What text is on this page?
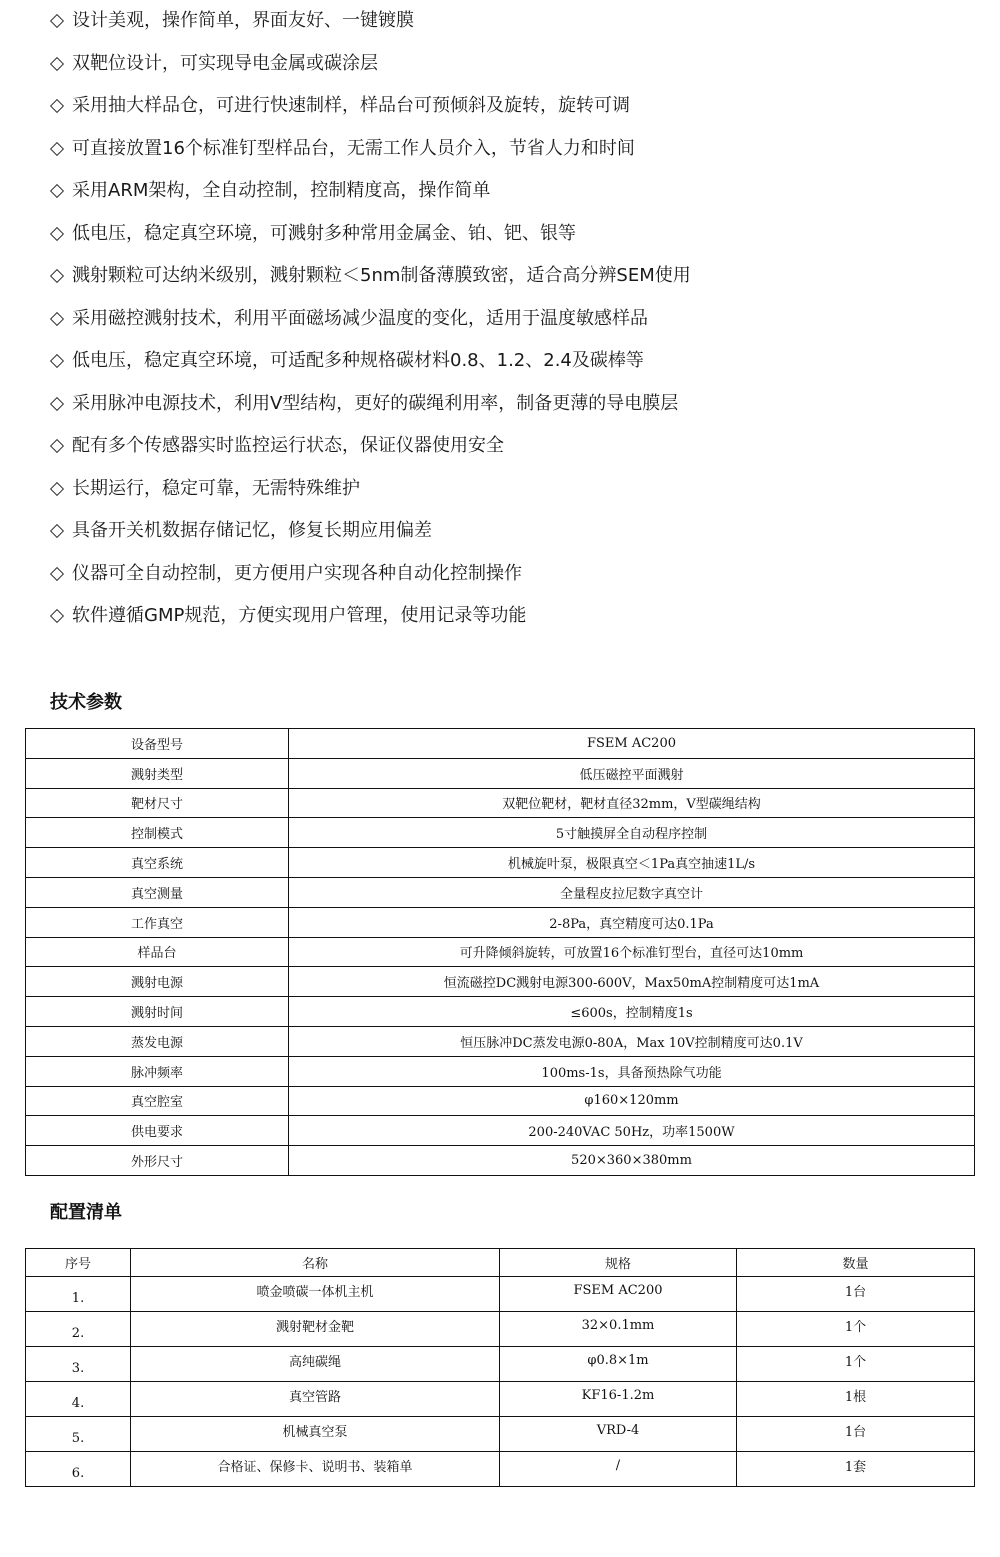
设计美观，操作简单，界面友好、一键镀膜
双靶位设计，可实现导电金属或碳涂层
采用抽大样品仓，可进行快速制样，样品台可预倾斜及旋转，旋转可调
可直接放置16个标准钉型样品台，无需工作人员介入，节省人力和时间
采用ARM架构，全自动控制，控制精度高，操作简单
低电压，稳定真空环境，可溅射多种常用金属金、铂、钯、银等
溅射颗粒可达纳米级别，溅射颗粒＜5nm制备薄膜致密，适合高分辨SEM使用
采用磁控溅射技术，利用平面磁场减少温度的变化，适用于温度敏感样品
低电压，稳定真空环境，可适配多种规格碳材料0.8、1.2、2.4及碳棒等
采用脉冲电源技术，利用V型结构，更好的碳绳利用率，制备更薄的导电膜层
配有多个传感器实时监控运行状态，保证仪器使用安全
长期运行，稳定可靠，无需特殊维护
具备开关机数据存储记忆，修复长期应用偏差
仪器可全自动控制，更方便用户实现各种自动化控制操作
软件遵循GMP规范，方便实现用户管理，使用记录等功能
技术参数
设备型号	FSEM AC200
溅射类型	低压磁控平面溅射
靶材尺寸	双靶位靶材，靶材直径32mm，V型碳绳结构
控制模式	5寸触摸屏全自动程序控制
真空系统	机械旋叶泵，极限真空＜1Pa真空抽速1L/s
真空测量	全量程皮拉尼数字真空计
工作真空	2-8Pa，真空精度可达0.1Pa
样品台	可升降倾斜旋转，可放置16个标准钉型台，直径可达10mm
溅射电源	恒流磁控DC溅射电源300-600V，Max50mA控制精度可达1mA
溅射时间	≤600s，控制精度1s
蒸发电源	恒压脉冲DC蒸发电源0-80A，Max 10V控制精度可达0.1V
脉冲频率	100ms-1s，具备预热除气功能
真空腔室	φ160×120mm
供电要求	200-240VAC 50Hz，功率1500W
外形尺寸	520×360×380mm
配置清单
序号	名称	规格	数量
1.	喷金喷碳一体机主机	FSEM AC200	1台
2.	溅射靶材金靶	32×0.1mm	1个
3.	高纯碳绳	φ0.8×1m	1个
4.	真空管路	KF16-1.2m	1根
5.	机械真空泵	VRD-4	1台
6.	合格证、保修卡、说明书、装箱单	/	1套
